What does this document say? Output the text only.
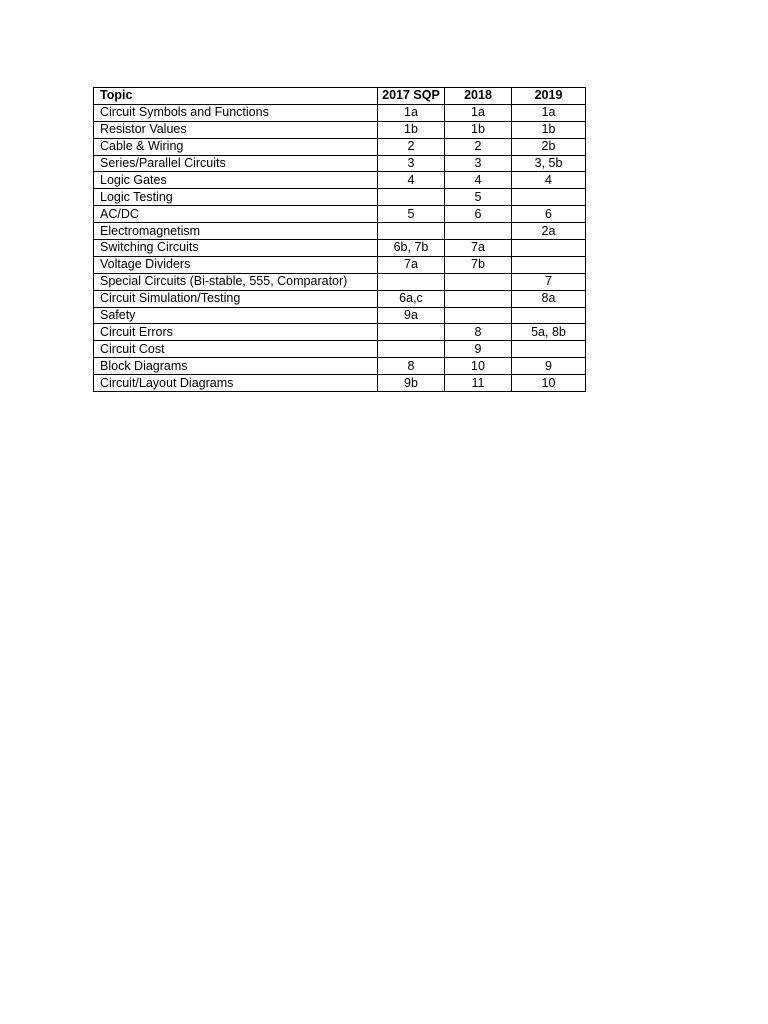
Topic	2017 SQP	2018	2019
Circuit Symbols and Functions	1a	1a	1a
Resistor Values	1b	1b	1b
Cable & Wiring	2	2	2b
Series/Parallel Circuits	3	3	3, 5b
Logic Gates	4	4	4
Logic Testing		5	
AC/DC	5	6	6
Electromagnetism			2a
Switching Circuits	6b, 7b	7a	
Voltage Dividers	7a	7b	
Special Circuits (Bi-stable, 555, Comparator)			7
Circuit Simulation/Testing	6a,c		8a
Safety	9a		
Circuit Errors		8	5a, 8b
Circuit Cost		9	
Block Diagrams	8	10	9
Circuit/Layout Diagrams	9b	11	10
